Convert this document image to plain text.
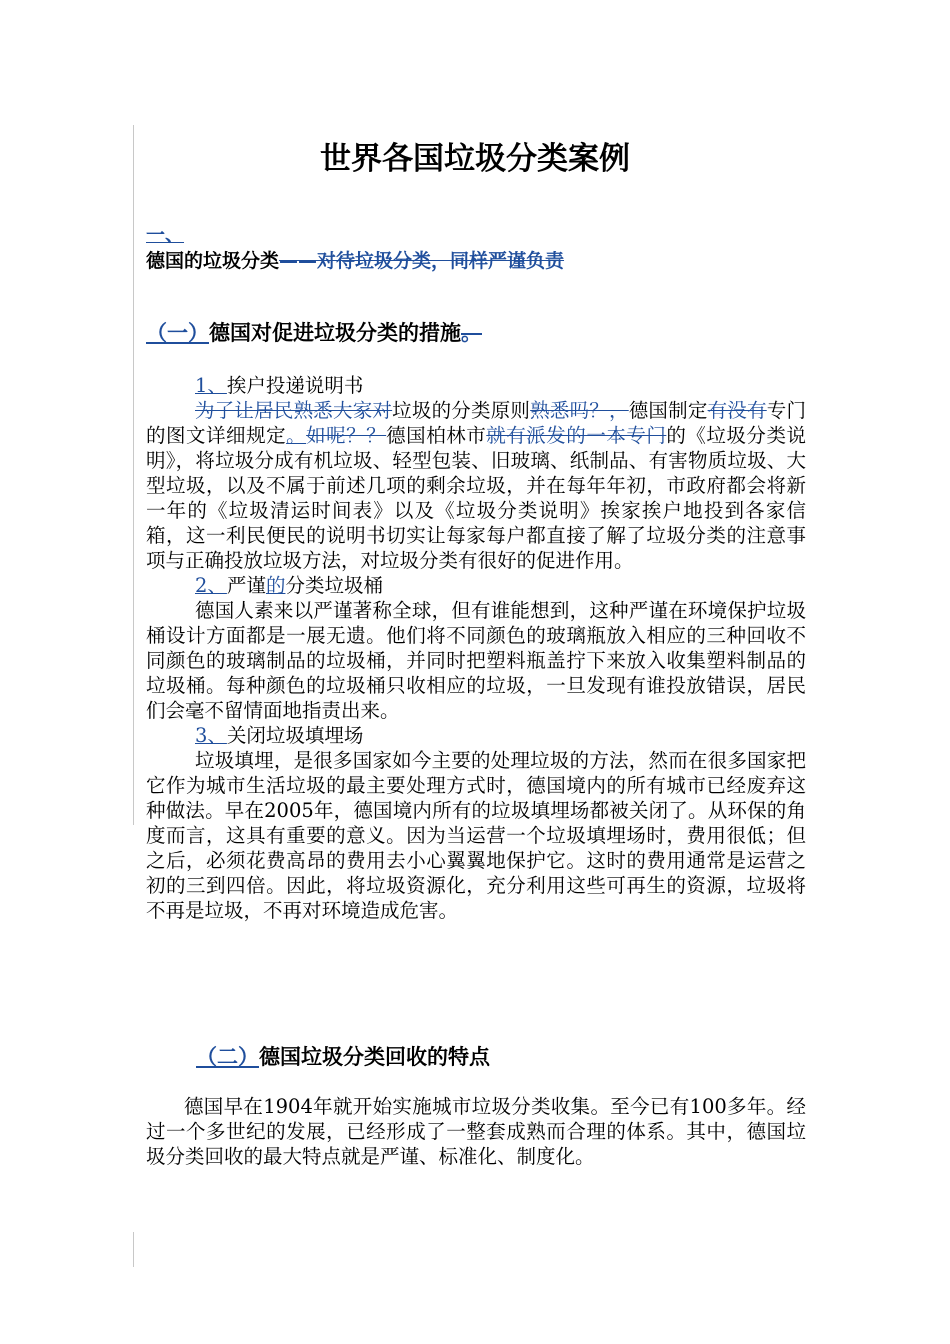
世界各国垃圾分类案例
一、
德国的垃圾分类——对待垃圾分类，同样严谨负责
（一）德国对促进垃圾分类的措施。

1、挨户投递说明书

为了让居民熟悉大家对垃圾的分类原则熟悉吗？，德国制定有没有专门的图文详细规定。如呢？？德国柏林市就有派发的一本专门的《垃圾分类说明》，将垃圾分成有机垃圾、轻型包装、旧玻璃、纸制品、有害物质垃圾、大型垃圾，以及不属于前述几项的剩余垃圾，并在每年年初，市政府都会将新一年的《垃圾清运时间表》以及《垃圾分类说明》挨家挨户地投到各家信箱，这一利民便民的说明书切实让每家每户都直接了解了垃圾分类的注意事项与正确投放垃圾方法，对垃圾分类有很好的促进作用。

2、严谨的分类垃圾桶

德国人素来以严谨著称全球，但有谁能想到，这种严谨在环境保护垃圾桶设计方面都是一展无遗。他们将不同颜色的玻璃瓶放入相应的三种回收不同颜色的玻璃制品的垃圾桶，并同时把塑料瓶盖拧下来放入收集塑料制品的垃圾桶。每种颜色的垃圾桶只收相应的垃圾，一旦发现有谁投放错误，居民们会毫不留情面地指责出来。

3、关闭垃圾填埋场

垃圾填埋，是很多国家如今主要的处理垃圾的方法，然而在很多国家把它作为城市生活垃圾的最主要处理方式时，德国境内的所有城市已经废弃这种做法。早在2005年，德国境内所有的垃圾填埋场都被关闭了。从环保的角度而言，这具有重要的意义。因为当运营一个垃圾填埋场时，费用很低；但之后，必须花费高昂的费用去小心翼翼地保护它。这时的费用通常是运营之初的三到四倍。因此，将垃圾资源化，充分利用这些可再生的资源，垃圾将不再是垃圾，不再对环境造成危害。

（二）德国垃圾分类回收的特点

德国早在1904年就开始实施城市垃圾分类收集。至今已有100多年。经过一个多世纪的发展，已经形成了一整套成熟而合理的体系。其中，德国垃圾分类回收的最大特点就是严谨、标准化、制度化。
